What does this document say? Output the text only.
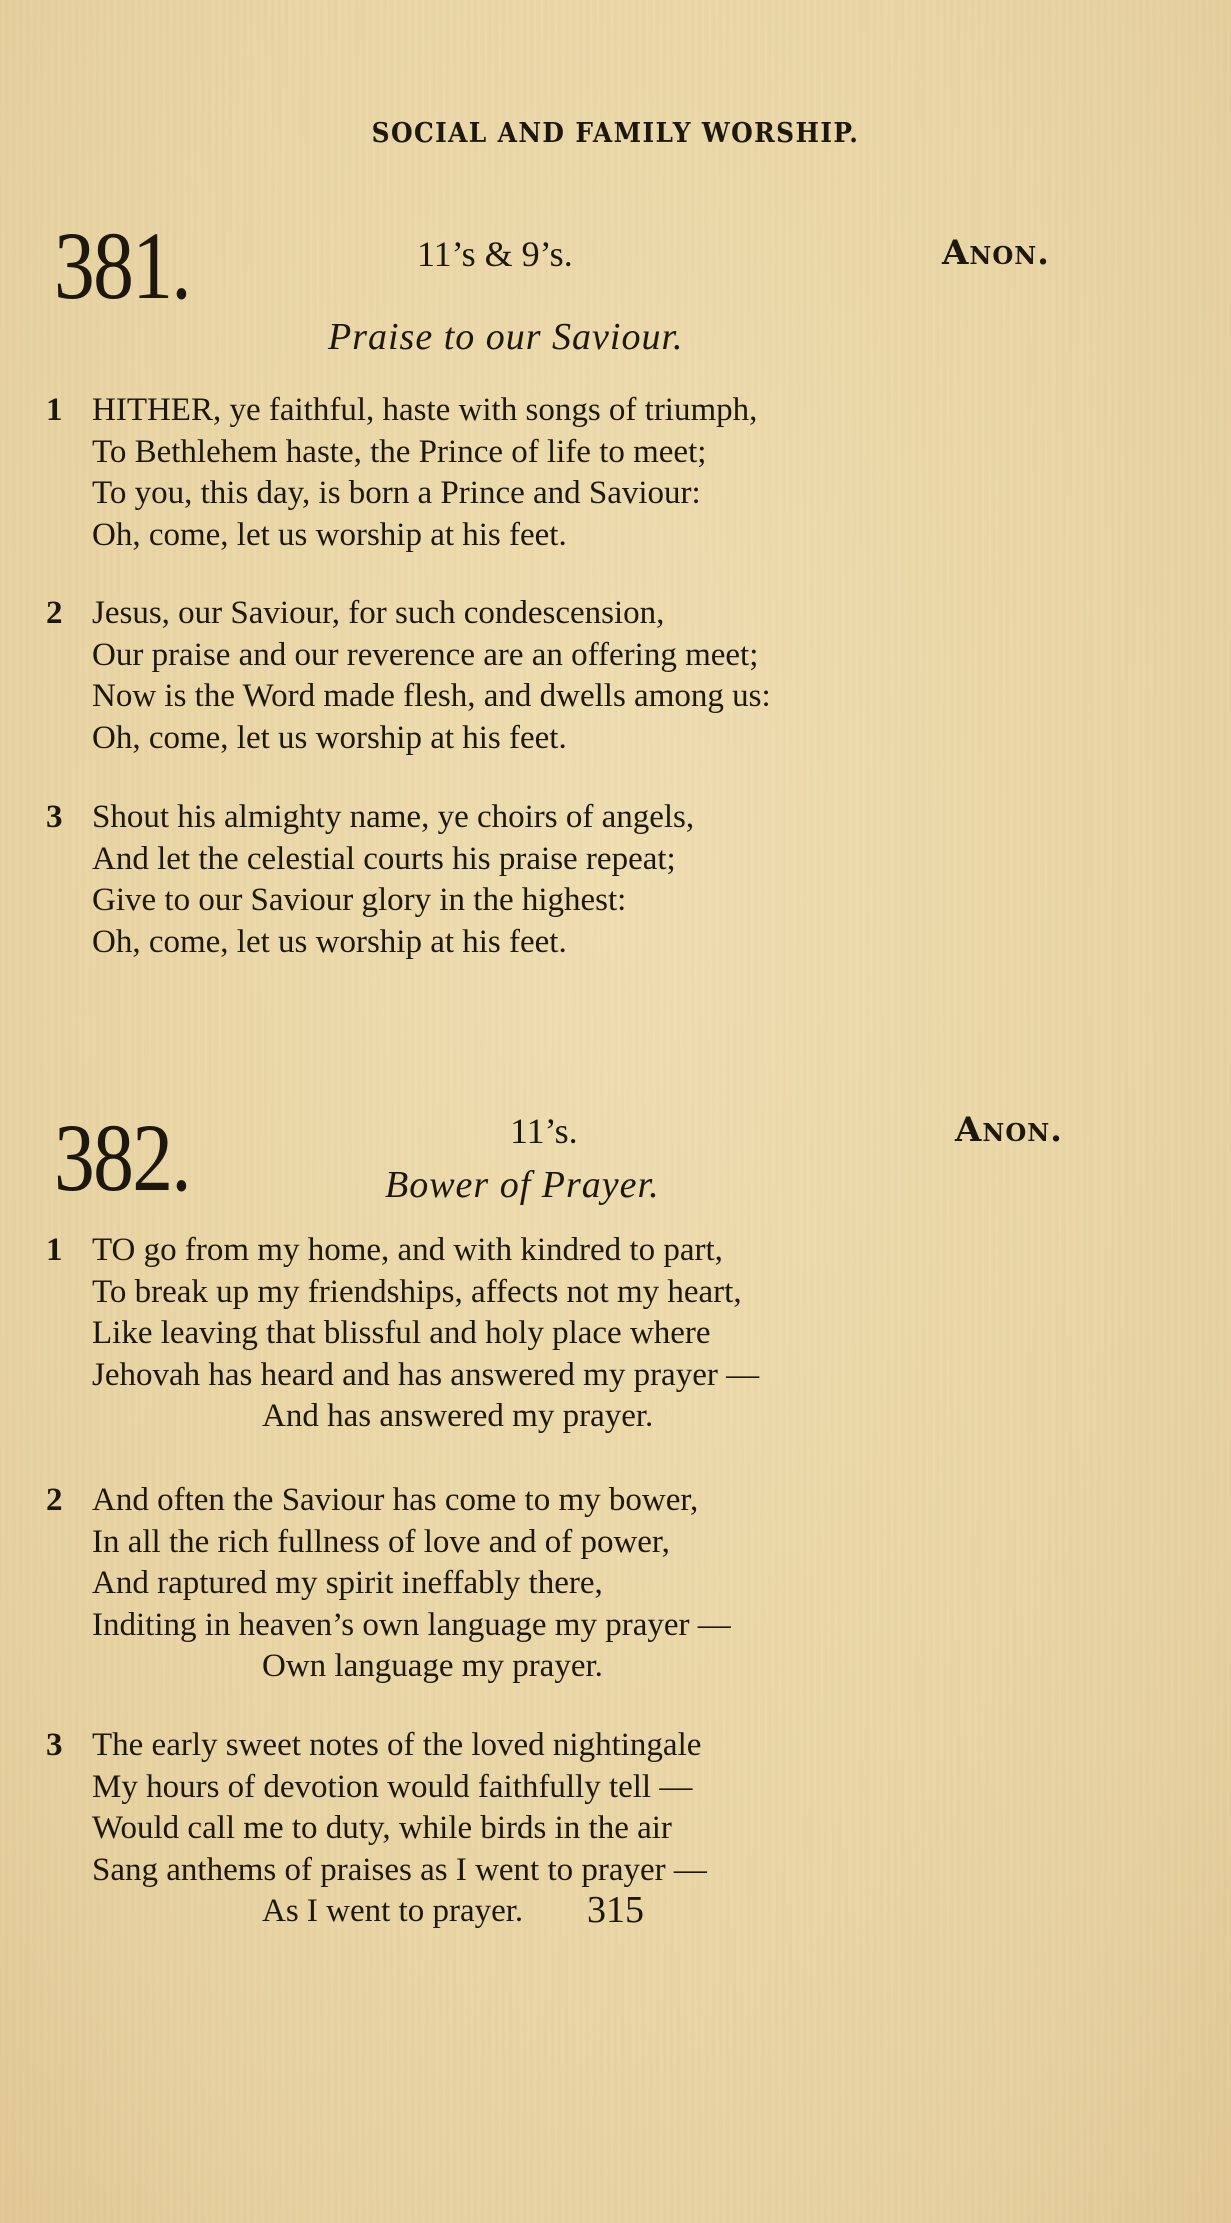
SOCIAL AND FAMILY WORSHIP.
381.	11’s & 9’s.	Anon.
Praise to our Saviour.
1 HITHER, ye faithful, haste with songs of triumph,
To Bethlehem haste, the Prince of life to meet;
To you, this day, is born a Prince and Saviour:
Oh, come, let us worship at his feet.
2 Jesus, our Saviour, for such condescension,
Our praise and our reverence are an offering meet;
Now is the Word made flesh, and dwells among us:
Oh, come, let us worship at his feet.
3 Shout his almighty name, ye choirs of angels,
And let the celestial courts his praise repeat;
Give to our Saviour glory in the highest:
Oh, come, let us worship at his feet.
382.	11’s.	Anon.
Bower of Prayer.
1 TO go from my home, and with kindred to part,
To break up my friendships, affects not my heart,
Like leaving that blissful and holy place where
Jehovah has heard and has answered my prayer —
And has answered my prayer.
2 And often the Saviour has come to my bower,
In all the rich fullness of love and of power,
And raptured my spirit ineffably there,
Inditing in heaven’s own language my prayer —
Own language my prayer.
3 The early sweet notes of the loved nightingale
My hours of devotion would faithfully tell —
Would call me to duty, while birds in the air
Sang anthems of praises as I went to prayer —
As I went to prayer.	315
